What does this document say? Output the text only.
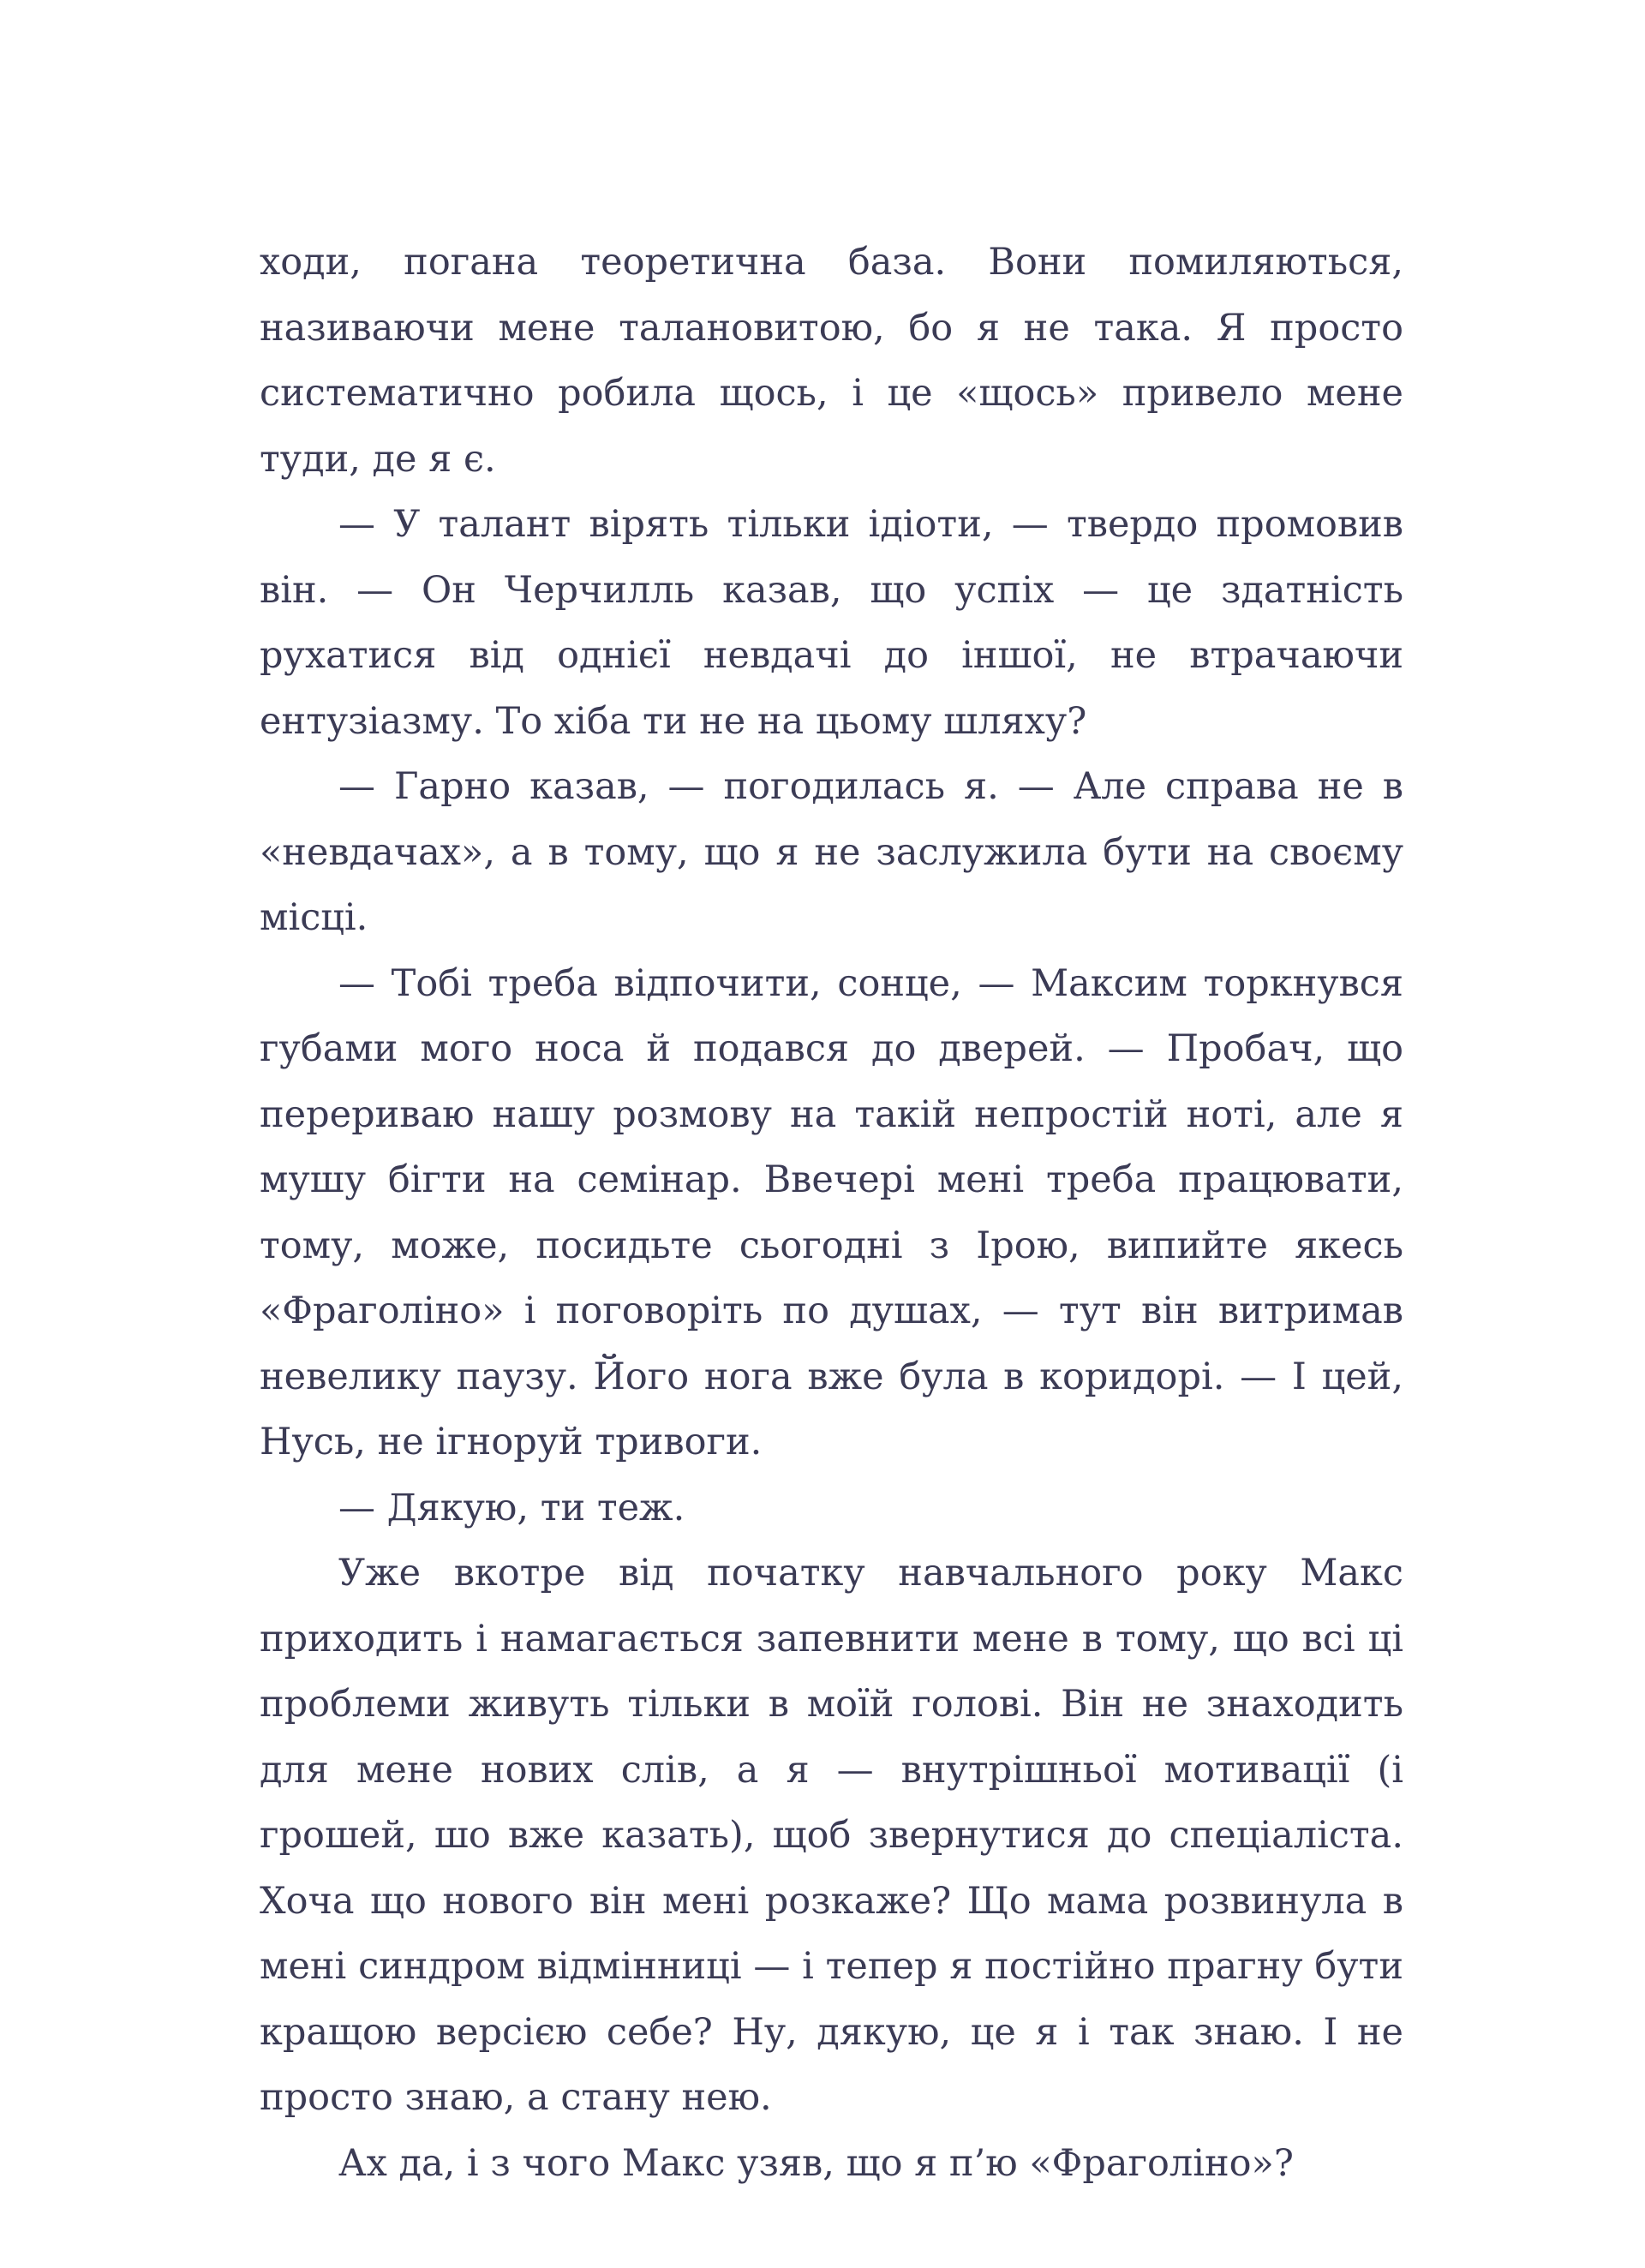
ходи, погана теоретична база. Вони помиляються, називаючи мене талановитою, бо я не така. Я просто систематично робила щось, і це «щось» привело мене туди, де я є.

— У талант вірять тільки ідіоти, — твердо промовив він. — Он Черчилль казав, що успіх — це здатність рухатися від однієї невдачі до іншої, не втрачаючи ентузіазму. То хіба ти не на цьому шляху?

— Гарно казав, — погодилась я. — Але справа не в «невдачах», а в тому, що я не заслужила бути на своєму місці.

— Тобі треба відпочити, сонце, — Максим торкнувся губами мого носа й подався до дверей. — Пробач, що перериваю нашу розмову на такій непростій ноті, але я мушу бігти на семінар. Ввечері мені треба працювати, тому, може, посидьте сьогодні з Ірою, випийте якесь «Фраголіно» і поговоріть по душах, — тут він витримав невелику паузу. Його нога вже була в коридорі. — І цей, Нусь, не ігноруй тривоги.

— Дякую, ти теж.

Уже вкотре від початку навчального року Макс приходить і намагається запевнити мене в тому, що всі ці проблеми живуть тільки в моїй голові. Він не знаходить для мене нових слів, а я — внутрішньої мотивації (і грошей, шо вже казать), щоб звернутися до спеціаліста. Хоча що нового він мені розкаже? Що мама розвинула в мені синдром відмінниці — і тепер я постійно прагну бути кращою версією себе? Ну, дякую, це я і так знаю. І не просто знаю, а стану нею.

Ах да, і з чого Макс узяв, що я п’ю «Фраголіно»?
